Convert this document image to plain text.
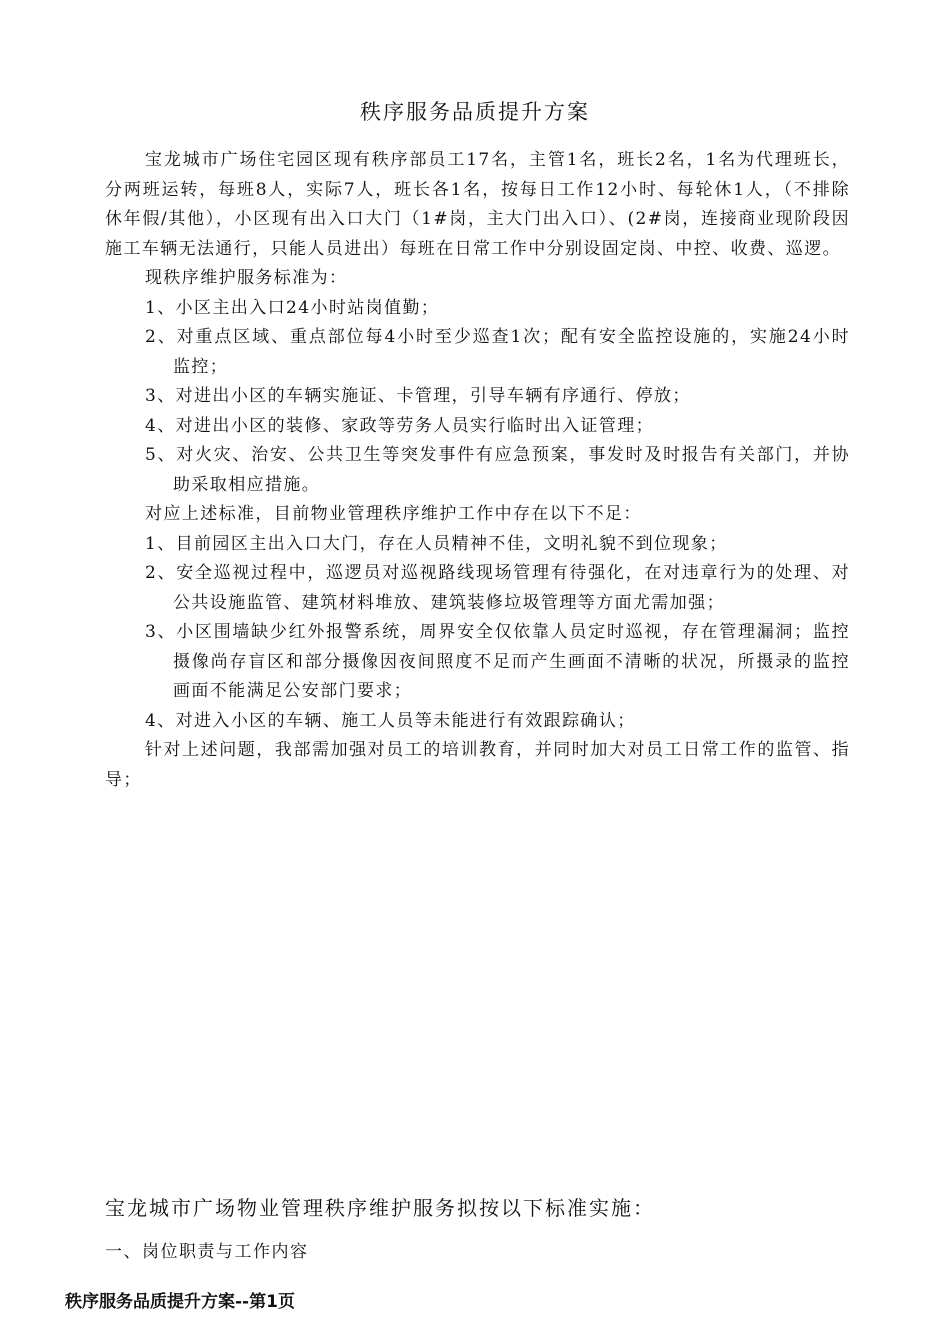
秩序服务品质提升方案

宝龙城市广场住宅园区现有秩序部员工17名，主管1名，班长2名，1名为代理班长，分两班运转，每班8人，实际7人，班长各1名，按每日工作12小时、每轮休1人，（不排除休年假/其他），小区现有出入口大门（1#岗，主大门出入口）、(2#岗，连接商业现阶段因施工车辆无法通行，只能人员进出）每班在日常工作中分别设固定岗、中控、收费、巡逻。

现秩序维护服务标准为：

1、小区主出入口24小时站岗值勤；

2、对重点区域、重点部位每4小时至少巡查1次；配有安全监控设施的，实施24小时监控；

3、对进出小区的车辆实施证、卡管理，引导车辆有序通行、停放；

4、对进出小区的装修、家政等劳务人员实行临时出入证管理；

5、对火灾、治安、公共卫生等突发事件有应急预案，事发时及时报告有关部门，并协助采取相应措施。

对应上述标准，目前物业管理秩序维护工作中存在以下不足：

1、目前园区主出入口大门，存在人员精神不佳，文明礼貌不到位现象；

2、安全巡视过程中，巡逻员对巡视路线现场管理有待强化，在对违章行为的处理、对公共设施监管、建筑材料堆放、建筑装修垃圾管理等方面尤需加强；

3、小区围墙缺少红外报警系统，周界安全仅依靠人员定时巡视，存在管理漏洞；监控摄像尚存盲区和部分摄像因夜间照度不足而产生画面不清晰的状况，所摄录的监控画面不能满足公安部门要求；

4、对进入小区的车辆、施工人员等未能进行有效跟踪确认；

针对上述问题，我部需加强对员工的培训教育，并同时加大对员工日常工作的监管、指导；

宝龙城市广场物业管理秩序维护服务拟按以下标准实施：
一、岗位职责与工作内容
秩序服务品质提升方案--第1页
